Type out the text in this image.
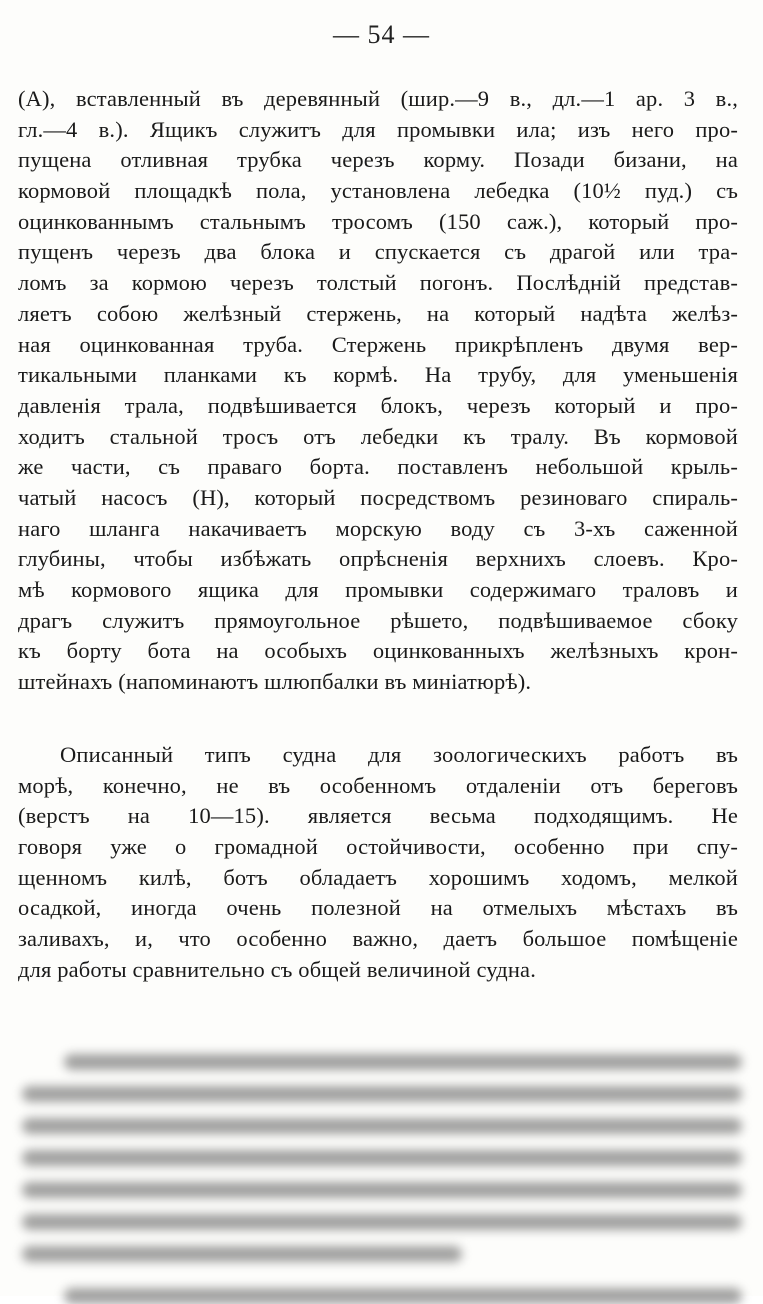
— 54 —
(А), вставленный въ деревянный (шир.—9 в., дл.—1 ар. 3 в.,
гл.—4 в.). Ящикъ служитъ для промывки ила; изъ него про-
пущена отливная трубка черезъ корму. Позади бизани, на
кормовой площадкѣ пола, установлена лебедка (10½ пуд.) съ
оцинкованнымъ стальнымъ тросомъ (150 саж.), который про-
пущенъ черезъ два блока и спускается съ драгой или тра-
ломъ за кормою черезъ толстый погонъ. Послѣднiй представ-
ляетъ собою желѣзный стержень, на который надѣта желѣз-
ная оцинкованная труба. Стержень прикрѣпленъ двумя вер-
тикальными планками къ кормѣ. На трубу, для уменьшенiя
давленiя трала, подвѣшивается блокъ, черезъ который и про-
ходитъ стальной тросъ отъ лебедки къ тралу. Въ кормовой
же части, съ праваго борта. поставленъ небольшой крыль-
чатый насосъ (Н), который посредствомъ резиноваго спираль-
наго шланга накачиваетъ морскую воду съ 3-хъ саженной
глубины, чтобы избѣжать опрѣсненiя верхнихъ слоевъ. Кро-
мѣ кормового ящика для промывки содержимаго траловъ и
драгъ служитъ прямоугольное рѣшето, подвѣшиваемое сбоку
къ борту бота на особыхъ оцинкованныхъ желѣзныхъ крон-
штейнахъ (напоминаютъ шлюпбалки въ миніатюрѣ).
Описанный типъ судна для зоологическихъ работъ въ
морѣ, конечно, не въ особенномъ отдаленiи отъ береговъ
(верстъ на 10—15). является весьма подходящимъ. Не
говоря уже о громадной остойчивости, особенно при спу-
щенномъ килѣ, ботъ обладаетъ хорошимъ ходомъ, мелкой
осадкой, иногда очень полезной на отмелыхъ мѣстахъ въ
заливахъ, и, что особенно важно, даетъ большое помѣщенiе
для работы сравнительно съ общей величиной судна.
